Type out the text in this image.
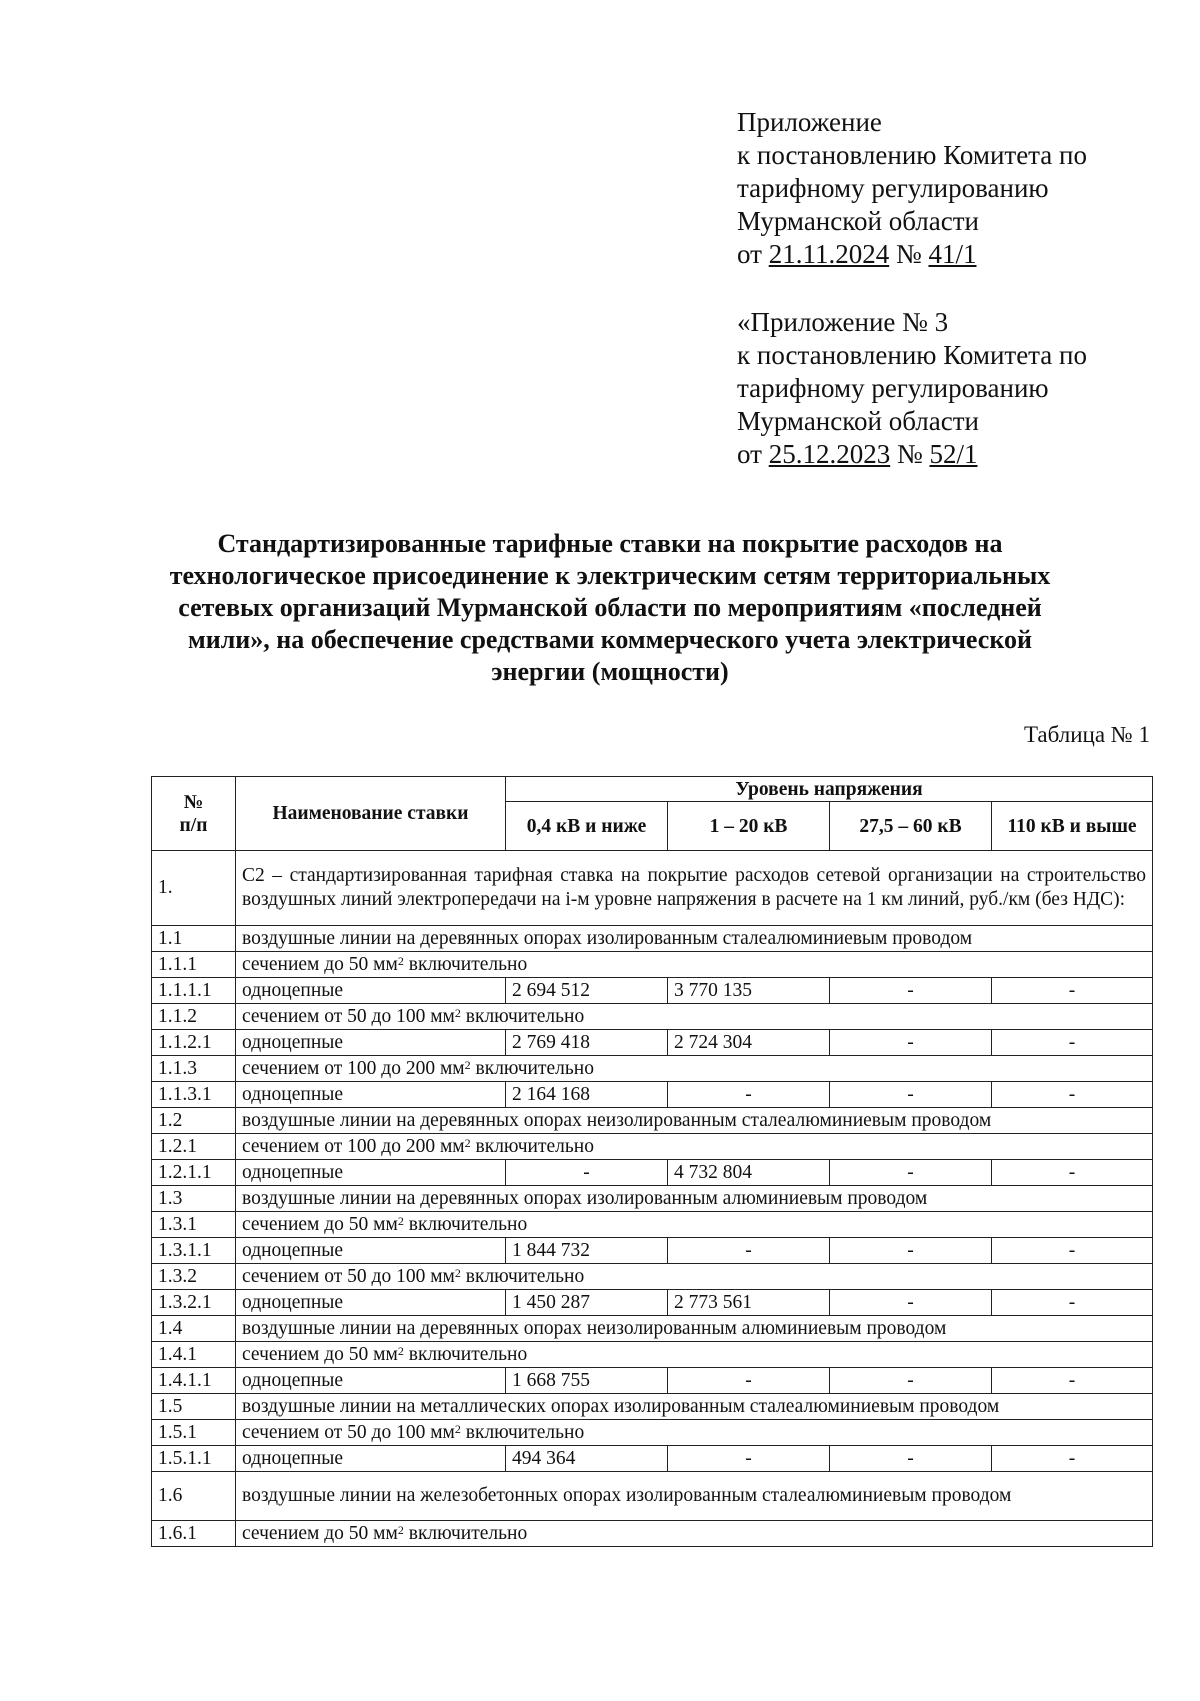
Приложение
к постановлению Комитета по
тарифному регулированию
Мурманской области
от 21.11.2024 № 41/1
«Приложение № 3
к постановлению Комитета по
тарифному регулированию
Мурманской области
от 25.12.2023 № 52/1
Стандартизированные тарифные ставки на покрытие расходов на
технологическое присоединение к электрическим сетям территориальных
сетевых организаций Мурманской области по мероприятиям «последней
мили», на обеспечение средствами коммерческого учета электрической
энергии (мощности)
Таблица № 1
№
п/п	Наименование ставки	Уровень напряжения			
		0,4 кВ и ниже	1 – 20 кВ	27,5 – 60 кВ	110 кВ и выше
1.	С2 – стандартизированная тарифная ставка на покрытие расходов сетевой организации на строительство воздушных линий электропередачи на i-м уровне напряжения в расчете на 1 км линий, руб./км (без НДС):				
1.1	воздушные линии на деревянных опорах изолированным сталеалюминиевым проводом				
1.1.1	сечением до 50 $мм^2$ включительно				
1.1.1.1	одноцепные	2 694 512	3 770 135	-	-
1.1.2	сечением от 50 до 100 $мм^2$ включительно				
1.1.2.1	одноцепные	2 769 418	2 724 304	-	-
1.1.3	сечением от 100 до 200 $мм^2$ включительно				
1.1.3.1	одноцепные	2 164 168	-	-	-
1.2	воздушные линии на деревянных опорах неизолированным сталеалюминиевым проводом				
1.2.1	сечением от 100 до 200 $мм^2$ включительно				
1.2.1.1	одноцепные	-	4 732 804	-	-
1.3	воздушные линии на деревянных опорах изолированным алюминиевым проводом				
1.3.1	сечением до 50 $мм^2$ включительно				
1.3.1.1	одноцепные	1 844 732	-	-	-
1.3.2	сечением от 50 до 100 $мм^2$ включительно				
1.3.2.1	одноцепные	1 450 287	2 773 561	-	-
1.4	воздушные линии на деревянных опорах неизолированным алюминиевым проводом				
1.4.1	сечением до 50 $мм^2$ включительно				
1.4.1.1	одноцепные	1 668 755	-	-	-
1.5	воздушные линии на металлических опорах изолированным сталеалюминиевым проводом				
1.5.1	сечением от 50 до 100 $мм^2$ включительно				
1.5.1.1	одноцепные	494 364	-	-	-
1.6	воздушные линии на железобетонных опорах изолированным сталеалюминиевым проводом				
1.6.1	сечением до 50 $мм^2$ включительно				
